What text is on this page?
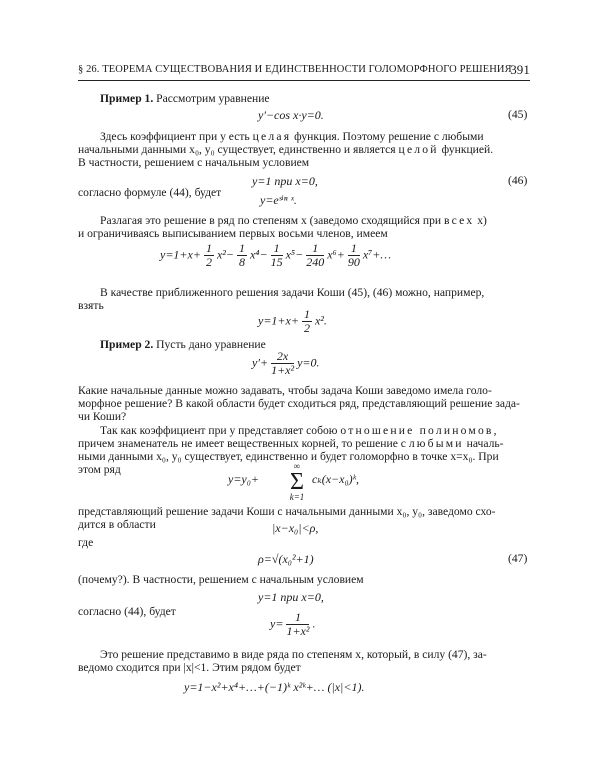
§ 26. ТЕОРЕМА СУЩЕСТВОВАНИЯ И ЕДИНСТВЕННОСТИ ГОЛОМОРФНОГО РЕШЕНИЯ
391
Пример 1. Рассмотрим уравнение
y′−cos x·y=0.	(45)
Здесь коэффициент при y есть целая функция. Поэтому решение с любыми
начальными данными x₀, y₀ существует, единственно и является целой функцией.
В частности, решением с начальным условием
y=1 при x=0,	(46)
согласно формуле (44), будет
y=eˢⁱⁿ ˣ.
Разлагая это решение в ряд по степеням x (заведомо сходящийся при всех x)
и ограничиваясь выписыванием первых восьми членов, имеем
$y=1+x+ \frac{1}{2} x^2- \frac{1}{8} x^4- \frac{1}{15} x^5- \frac{1}{240} x^6+ \frac{1}{90}$ x⁷+…
В качестве приближенного решения задачи Коши (45), (46) можно, например,
взять
$y=1+x+ \frac{1}{2} x^2$.
Пример 2. Пусть дано уравнение
$y'+ \frac{2x}{\text{1+x²}} y=0$.
Какие начальные данные можно задавать, чтобы задача Коши заведомо имела голо-
морфное решение? В какой области будет сходиться ряд, представляющий решение зада-
чи Коши?
Так как коэффициент при y представляет собою отношение полиномов,
причем знаменатель не имеет вещественных корней, то решение с любыми началь-
ными данными x₀, y₀ существует, единственно и будет голоморфно в точке x=x₀. При
этом ряд
y=y₀+
∞
Σ
k=1
cₖ(x−x₀)ᵏ,
представляющий решение задачи Коши с начальными данными x₀, y₀, заведомо схо-
дится в области	|x−x₀|<ρ,
где
ρ=√(x₀²+1)	(47)
(почему?). В частности, решением с начальным условием
y=1 при x=0,
согласно (44), будет
$y= \frac{1}{\text{1+x²}}$ .
Это решение представимо в виде ряда по степеням x, который, в силу (47), за-
ведомо сходится при |x|<1. Этим рядом будет
y=1−x²+x⁴+…+(−1)ᵏ x²ᵏ+… (|x|<1).
